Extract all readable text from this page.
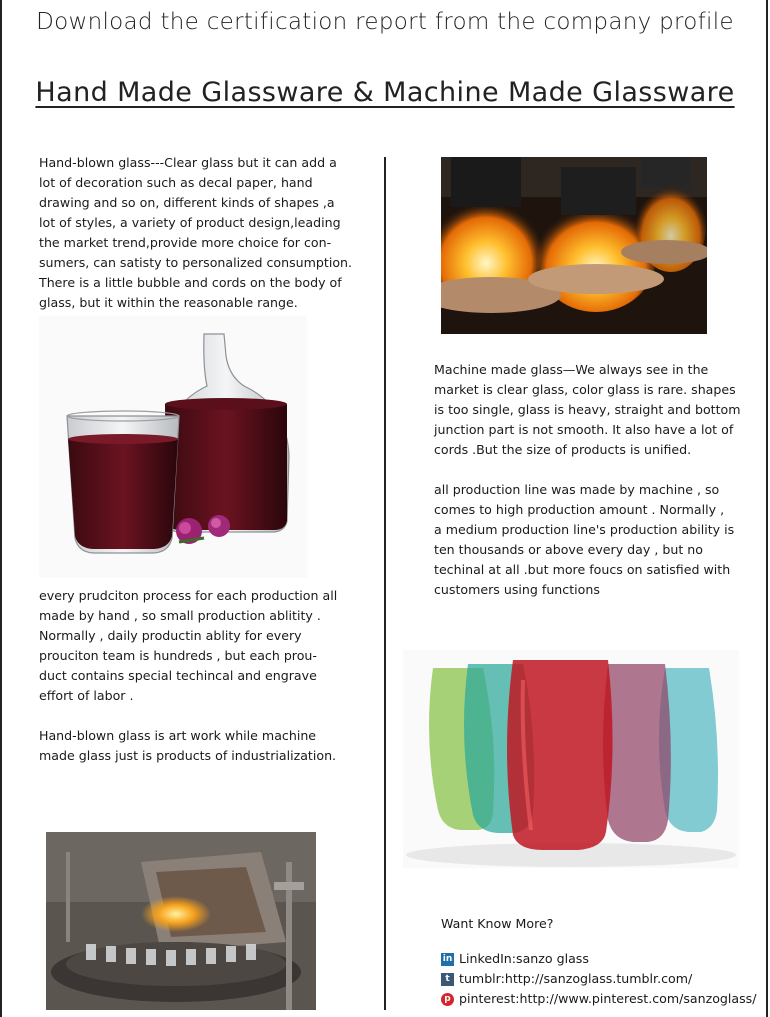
Download the certification report from the company profile
Hand Made Glassware & Machine Made Glassware

Hand-blown glass---Clear glass but it can add a
lot of decoration such as decal paper, hand
drawing and so on, different kinds of shapes ,a
lot of styles, a variety of product design,leading
the market trend,provide more choice for con-
sumers, can satisty to personalized consumption.
There is a little bubble and cords on the body of
glass, but it within the reasonable range.

every prudciton process for each production all
made by hand , so small production ablitity .
Normally , daily productin ablity for every
prouciton team is hundreds , but each prou-
duct contains special techincal and engrave
effort of labor .

Hand-blown glass is art work while machine
made glass just is products of industrialization.

Machine made glass—We always see in the
market is clear glass, color glass is rare. shapes
is too single, glass is heavy, straight and bottom
junction part is not smooth. It also have a lot of
cords .But the size of products is unified.

all production line was made by machine , so
comes to high production amount . Normally ,
a medium production line's production ability is
ten thousands or above every day , but no
techinal at all .but more foucs on satisfied with
customers using functions

Want Know More?
in LinkedIn:sanzo glass
t tumblr:http://sanzoglass.tumblr.com/
p pinterest:http://www.pinterest.com/sanzoglass/
